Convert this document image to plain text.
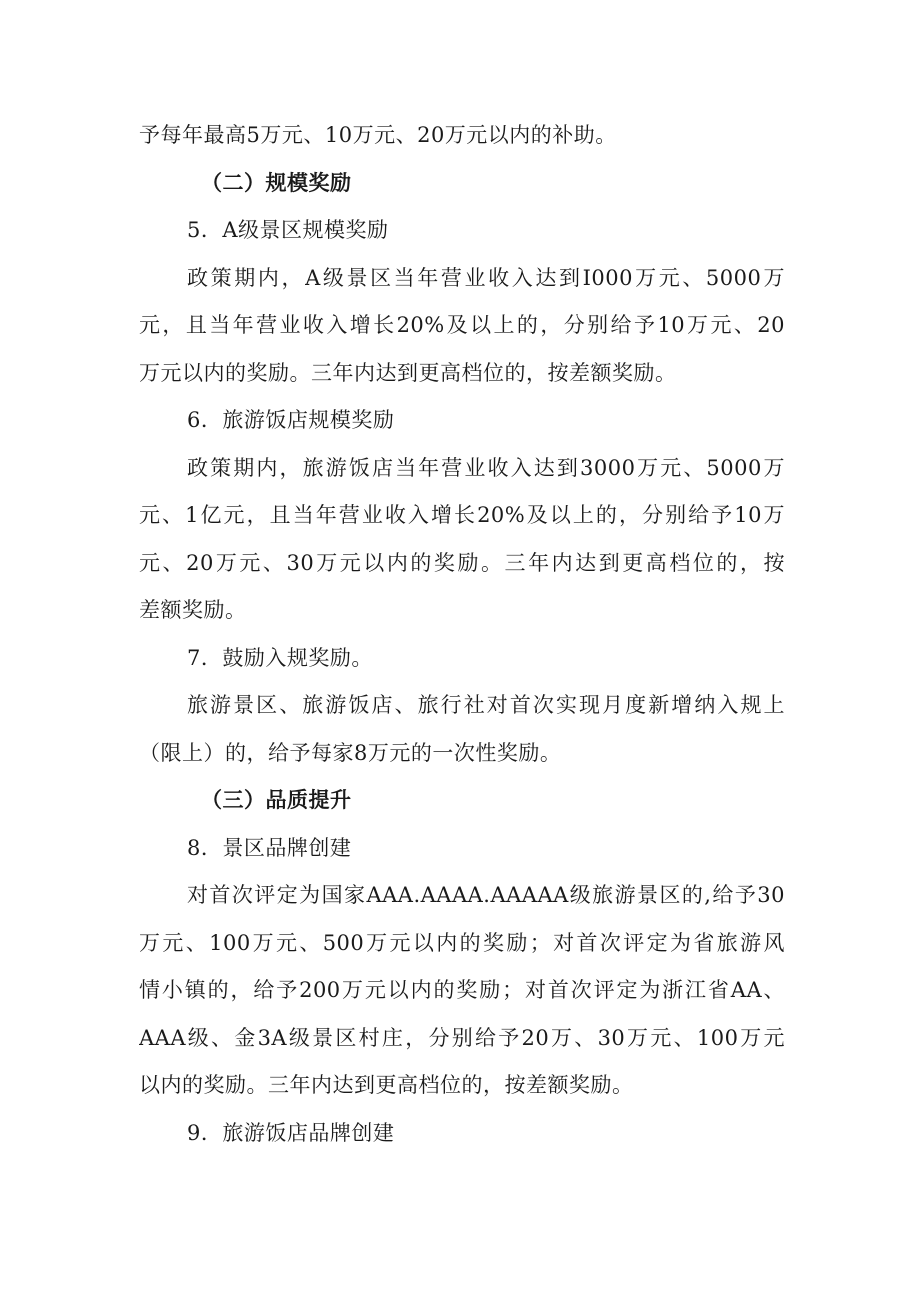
予每年最高5万元、10万元、20万元以内的补助。
（二）规模奖励
5．A级景区规模奖励
政策期内，A级景区当年营业收入达到I000万元、5000万
元，且当年营业收入增长20%及以上的，分别给予10万元、20
万元以内的奖励。三年内达到更高档位的，按差额奖励。
6．旅游饭店规模奖励
政策期内，旅游饭店当年营业收入达到3000万元、5000万
元、1亿元，且当年营业收入增长20%及以上的，分别给予10万
元、20万元、30万元以内的奖励。三年内达到更高档位的，按
差额奖励。
7．鼓励入规奖励。
旅游景区、旅游饭店、旅行社对首次实现月度新增纳入规上
（限上）的，给予每家8万元的一次性奖励。
（三）品质提升
8．景区品牌创建
对首次评定为国家AAA.AAAA.AAAAA级旅游景区的,给予30
万元、100万元、500万元以内的奖励；对首次评定为省旅游风
情小镇的，给予200万元以内的奖励；对首次评定为浙江省AA、
AAA级、金3A级景区村庄，分别给予20万、30万元、100万元
以内的奖励。三年内达到更高档位的，按差额奖励。
9．旅游饭店品牌创建
